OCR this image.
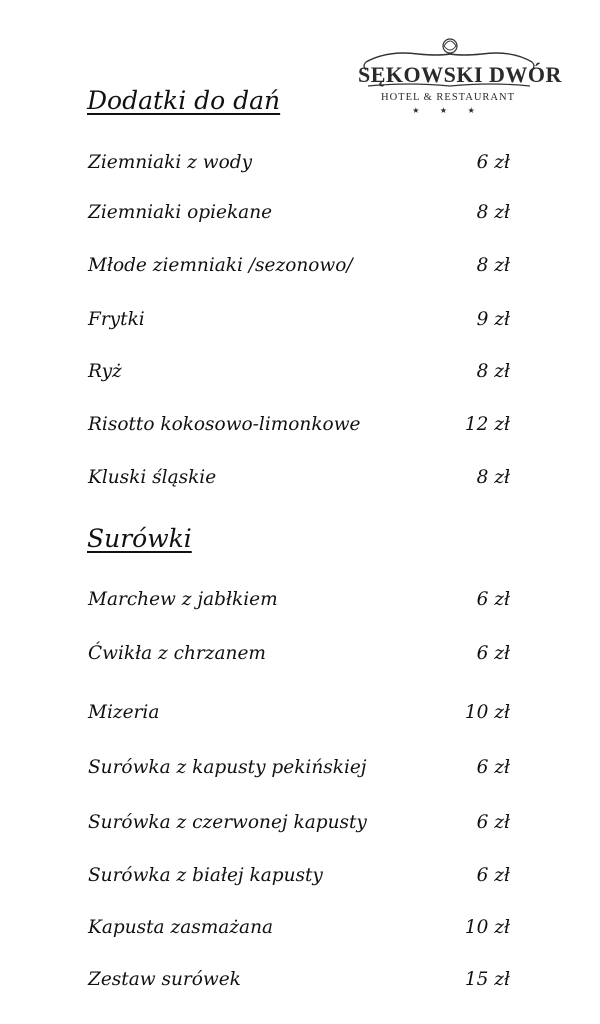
SĘKOWSKI DWÓR
HOTEL & RESTAURANT
★ ★ ★
Dodatki do dań
Ziemniaki z wody	6 zł
Ziemniaki opiekane	8 zł
Młode ziemniaki /sezonowo/	8 zł
Frytki	9 zł
Ryż	8 zł
Risotto kokosowo-limonkowe	12 zł
Kluski śląskie	8 zł
Surówki
Marchew z jabłkiem	6 zł
Ćwikła z chrzanem	6 zł
Mizeria	10 zł
Surówka z kapusty pekińskiej	6 zł
Surówka z czerwonej kapusty	6 zł
Surówka z białej kapusty	6 zł
Kapusta zasmażana	10 zł
Zestaw surówek	15 zł
